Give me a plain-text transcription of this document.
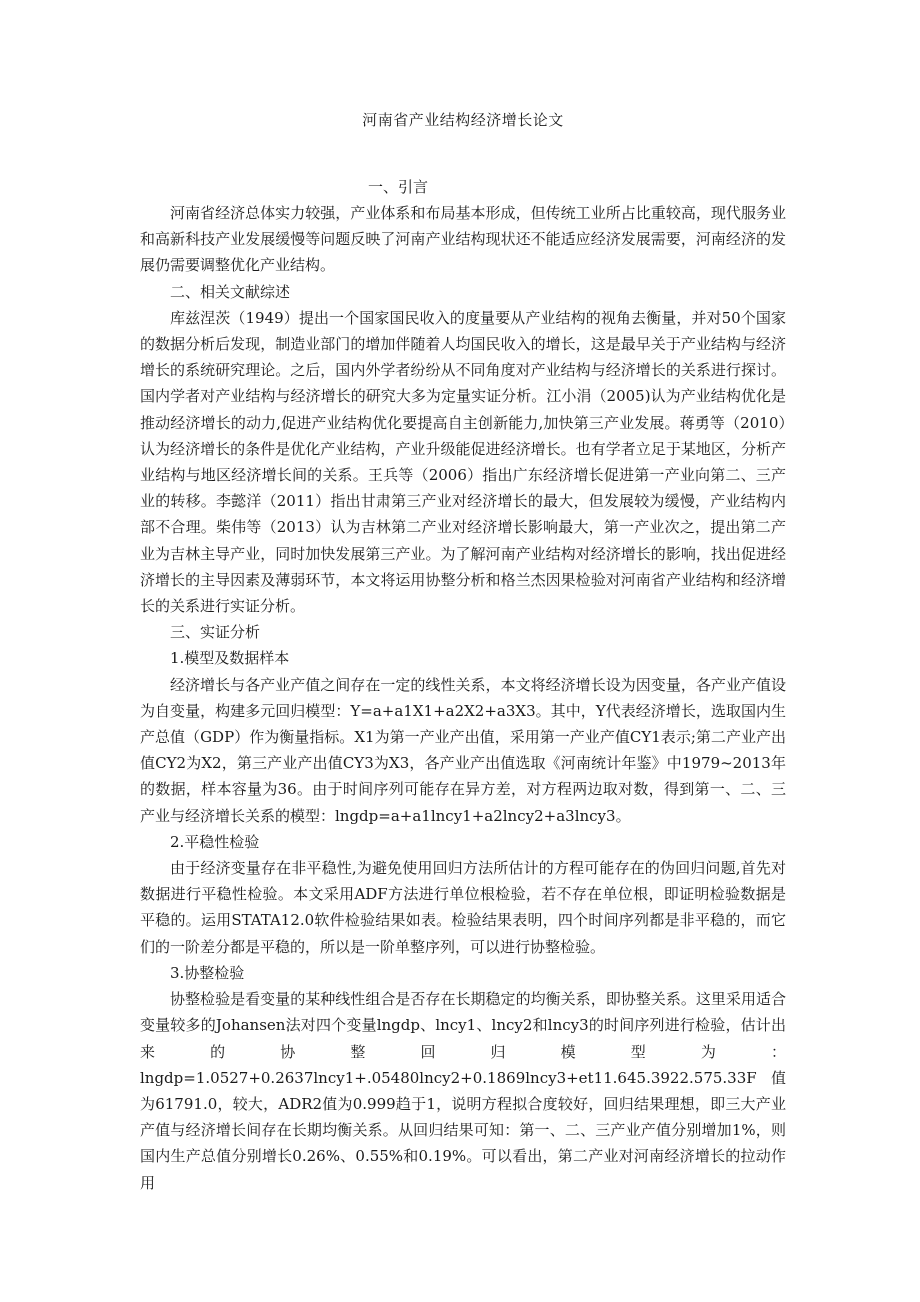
河南省产业结构经济增长论文
一、引言

河南省经济总体实力较强，产业体系和布局基本形成，但传统工业所占比重较高，现代服务业和高新科技产业发展缓慢等问题反映了河南产业结构现状还不能适应经济发展需要，河南经济的发展仍需要调整优化产业结构。

二、相关文献综述

库兹涅茨（1949）提出一个国家国民收入的度量要从产业结构的视角去衡量，并对50个国家的数据分析后发现，制造业部门的增加伴随着人均国民收入的增长，这是最早关于产业结构与经济增长的系统研究理论。之后，国内外学者纷纷从不同角度对产业结构与经济增长的关系进行探讨。国内学者对产业结构与经济增长的研究大多为定量实证分析。江小涓（2005)认为产业结构优化是推动经济增长的动力,促进产业结构优化要提高自主创新能力,加快第三产业发展。蒋勇等（2010）认为经济增长的条件是优化产业结构，产业升级能促进经济增长。也有学者立足于某地区，分析产业结构与地区经济增长间的关系。王兵等（2006）指出广东经济增长促进第一产业向第二、三产业的转移。李懿洋（2011）指出甘肃第三产业对经济增长的最大，但发展较为缓慢，产业结构内部不合理。柴伟等（2013）认为吉林第二产业对经济增长影响最大，第一产业次之，提出第二产业为吉林主导产业，同时加快发展第三产业。为了解河南产业结构对经济增长的影响，找出促进经济增长的主导因素及薄弱环节，本文将运用协整分析和格兰杰因果检验对河南省产业结构和经济增长的关系进行实证分析。

三、实证分析
1.模型及数据样本

经济增长与各产业产值之间存在一定的线性关系，本文将经济增长设为因变量，各产业产值设为自变量，构建多元回归模型：Y=a+a1X1+a2X2+a3X3。其中，Y代表经济增长，选取国内生产总值（GDP）作为衡量指标。X1为第一产业产出值，采用第一产业产值CY1表示;第二产业产出值CY2为X2，第三产业产出值CY3为X3，各产业产出值选取《河南统计年鉴》中1979~2013年的数据，样本容量为36。由于时间序列可能存在异方差，对方程两边取对数，得到第一、二、三产业与经济增长关系的模型：lngdp=a+a1lncy1+a2lncy2+a3lncy3。

2.平稳性检验

由于经济变量存在非平稳性,为避免使用回归方法所估计的方程可能存在的伪回归问题,首先对数据进行平稳性检验。本文采用ADF方法进行单位根检验，若不存在单位根，即证明检验数据是平稳的。运用STATA12.0软件检验结果如表。检验结果表明，四个时间序列都是非平稳的，而它们的一阶差分都是平稳的，所以是一阶单整序列，可以进行协整检验。

3.协整检验

协整检验是看变量的某种线性组合是否存在长期稳定的均衡关系，即协整关系。这里采用适合变量较多的Johansen法对四个变量lngdp、lncy1、lncy2和lncy3的时间序列进行检验，估计出来的协整回归模型为：lngdp=1.0527+0.2637lncy1+.05480lncy2+0.1869lncy3+et11.645.3922.575.33F值为61791.0，较大，ADR2值为0.999趋于1，说明方程拟合度较好，回归结果理想，即三大产业产值与经济增长间存在长期均衡关系。从回归结果可知：第一、二、三产业产值分别增加1%，则国内生产总值分别增长0.26%、0.55%和0.19%。可以看出，第二产业对河南经济增长的拉动作用
